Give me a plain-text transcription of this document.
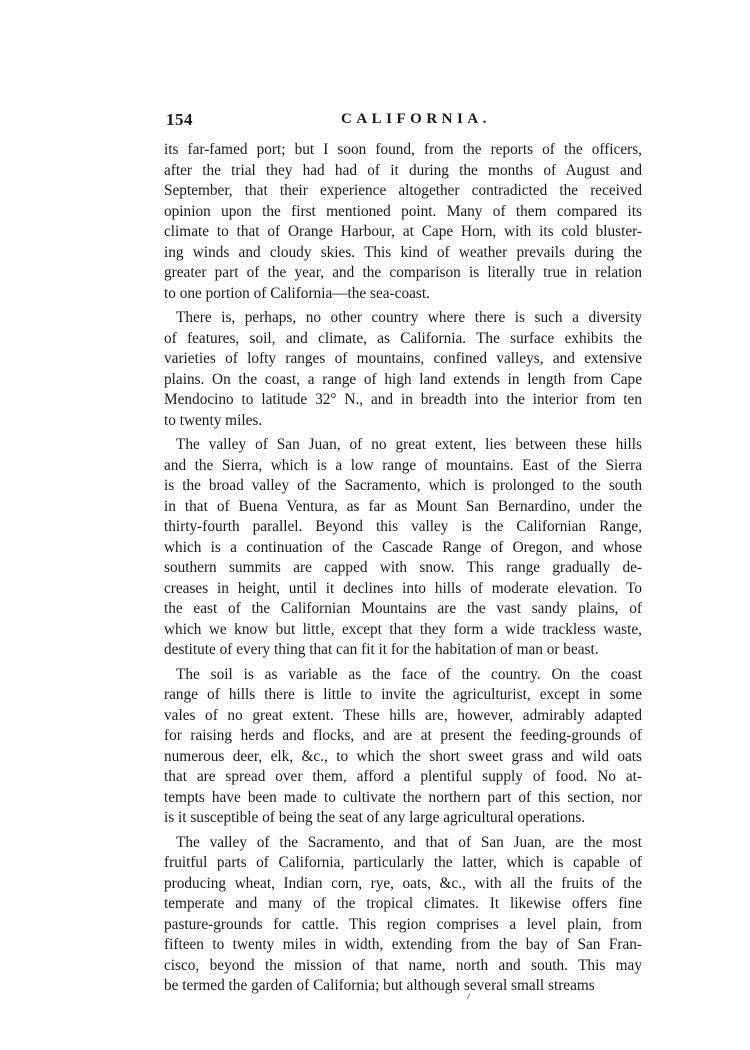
154	CALIFORNIA.

its far-famed port; but I soon found, from the reports of the officers,
after the trial they had had of it during the months of August and
September, that their experience altogether contradicted the received
opinion upon the first mentioned point. Many of them compared its
climate to that of Orange Harbour, at Cape Horn, with its cold bluster-
ing winds and cloudy skies. This kind of weather prevails during the
greater part of the year, and the comparison is literally true in relation
to one portion of California—the sea-coast.

There is, perhaps, no other country where there is such a diversity
of features, soil, and climate, as California. The surface exhibits the
varieties of lofty ranges of mountains, confined valleys, and extensive
plains. On the coast, a range of high land extends in length from Cape
Mendocino to latitude 32° N., and in breadth into the interior from ten
to twenty miles.

The valley of San Juan, of no great extent, lies between these hills
and the Sierra, which is a low range of mountains. East of the Sierra
is the broad valley of the Sacramento, which is prolonged to the south
in that of Buena Ventura, as far as Mount San Bernardino, under the
thirty-fourth parallel. Beyond this valley is the Californian Range,
which is a continuation of the Cascade Range of Oregon, and whose
southern summits are capped with snow. This range gradually de-
creases in height, until it declines into hills of moderate elevation. To
the east of the Californian Mountains are the vast sandy plains, of
which we know but little, except that they form a wide trackless waste,
destitute of every thing that can fit it for the habitation of man or beast.

The soil is as variable as the face of the country. On the coast
range of hills there is little to invite the agriculturist, except in some
vales of no great extent. These hills are, however, admirably adapted
for raising herds and flocks, and are at present the feeding-grounds of
numerous deer, elk, &c., to which the short sweet grass and wild oats
that are spread over them, afford a plentiful supply of food. No at-
tempts have been made to cultivate the northern part of this section, nor
is it susceptible of being the seat of any large agricultural operations.

The valley of the Sacramento, and that of San Juan, are the most
fruitful parts of California, particularly the latter, which is capable of
producing wheat, Indian corn, rye, oats, &c., with all the fruits of the
temperate and many of the tropical climates. It likewise offers fine
pasture-grounds for cattle. This region comprises a level plain, from
fifteen to twenty miles in width, extending from the bay of San Fran-
cisco, beyond the mission of that name, north and south. This may
be termed the garden of California; but although several small streams
